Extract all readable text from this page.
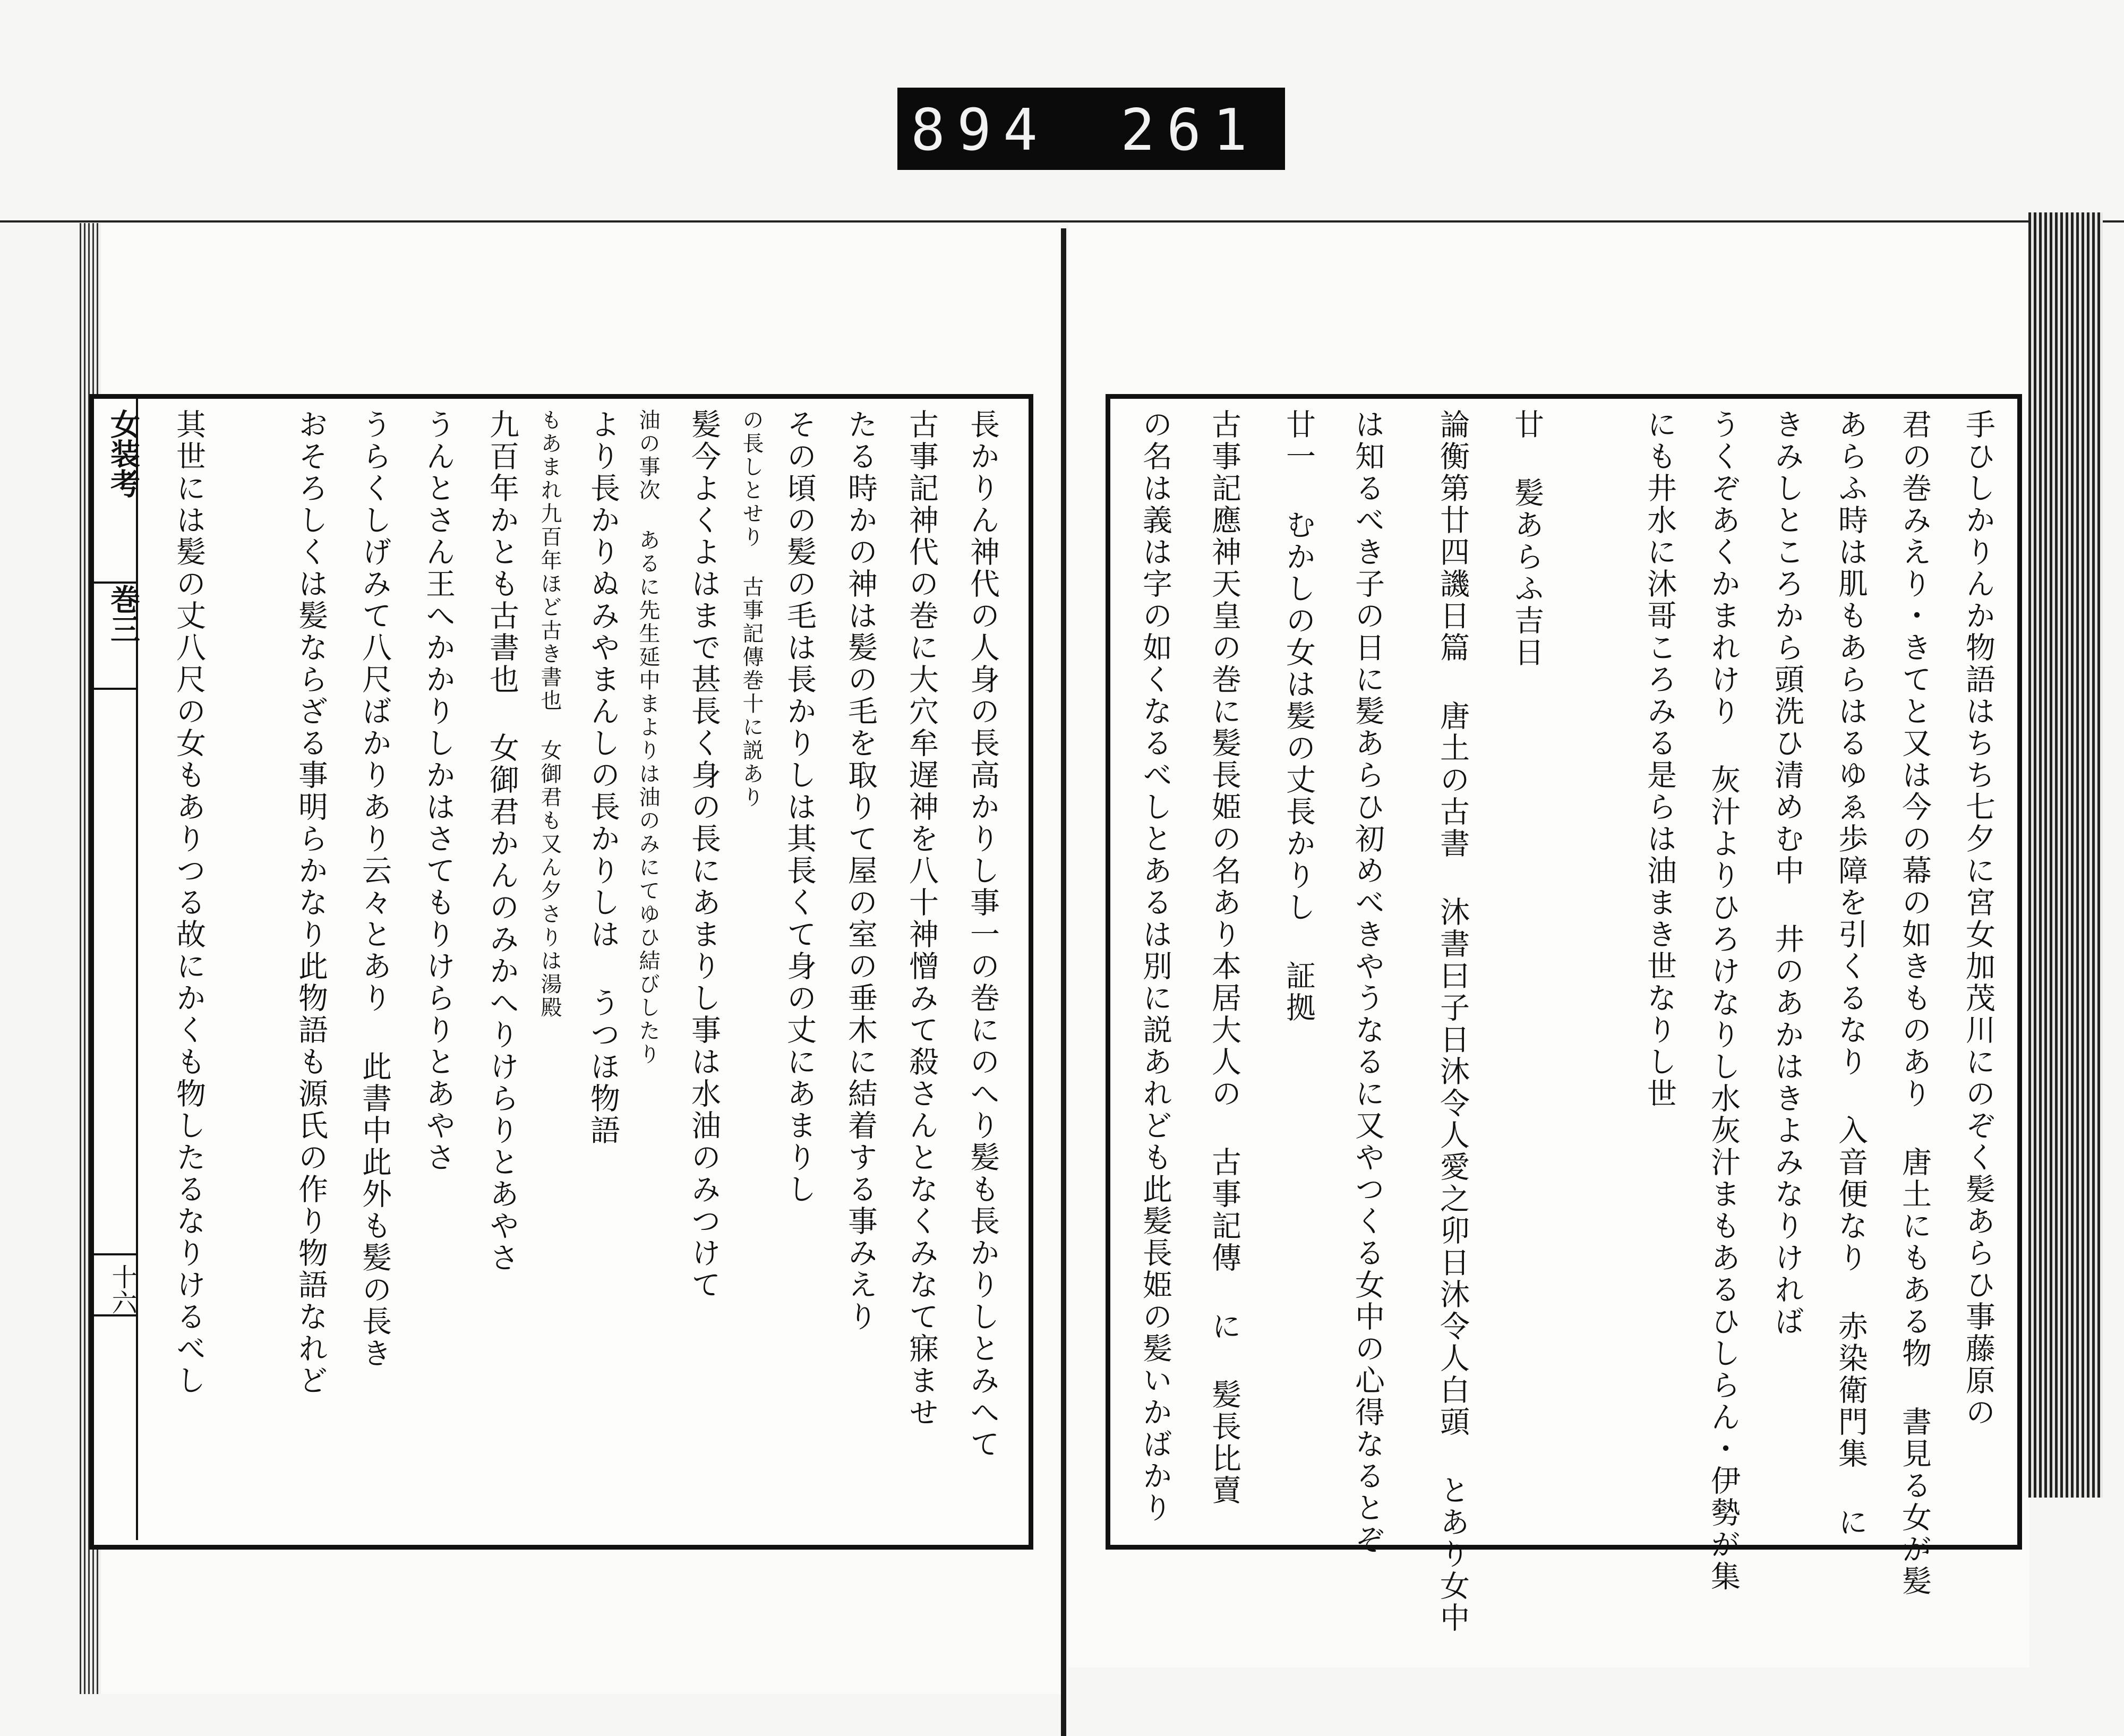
894 261
女装考
巻三
十六	長かりん神代の人身の長高かりし事一の巻にのへり髪も長かりしとみへて
古事記神代の巻に大穴牟遅神を八十神憎みて殺さんとなくみなて寐ませ
たる時かの神は髪の毛を取りて屋の室の垂木に結着する事みえり
その頃の髪の毛は長かりしは其長くて身の丈にあまりし
の長しとせり 古事記傳巻十に説あり
髪今よくよはまで甚長く身の長にあまりし事は水油のみつけて
油の事次 あるに先生延中まよりは油のみにてゆひ結びしたり
より長かりぬみやまんしの長かりしは うつほ物語
もあまれ九百年ほど古き書也 女御君も又ん夕さりは湯殿
九百年かとも古書也 女御君かんのみかへりけらりとあやさ
うんとさん王へかかりしかはさてもりけらりとあやさ
うらくしげみて八尺ばかりあり云々とあり 此書中此外も髪の長き
おそろしくは髪ならざる事明らかなり此物語も源氏の作り物語なれど
其世には髪の丈八尺の女もありつる故にかくも物したるなりけるべし	手ひしかりんか物語はちち七夕に宮女加茂川にのぞく髪あらひ事藤原の
君の巻みえり・きてと又は今の幕の如きものあり 唐土にもある物 書見る女が髪
あらふ時は肌もあらはるゆゑ歩障を引くるなり 入音便なり 赤染衛門集 に
きみしところから頭洗ひ清めむ中 井のあかはきよみなりければ
うくぞあくかまれけり 灰汁よりひろけなりし水灰汁まもあるひしらん・伊勢が集
にも井水に沐哥ころみる是らは油まき世なりし世
廿 髪あらふ吉日
論衡第廿四譏日篇 唐土の古書 沐書曰子日沐令人愛之卯日沐令人白頭 とあり女中
は知るべき子の日に髪あらひ初めべきやうなるに又やつくる女中の心得なるとぞ
廿一 むかしの女は髪の丈長かりし 証拠
古事記應神天皇の巻に髪長姫の名あり本居大人の 古事記傳 に 髪長比賣
の名は義は字の如くなるべしとあるは別に説あれども此髪長姫の髪いかばかり
